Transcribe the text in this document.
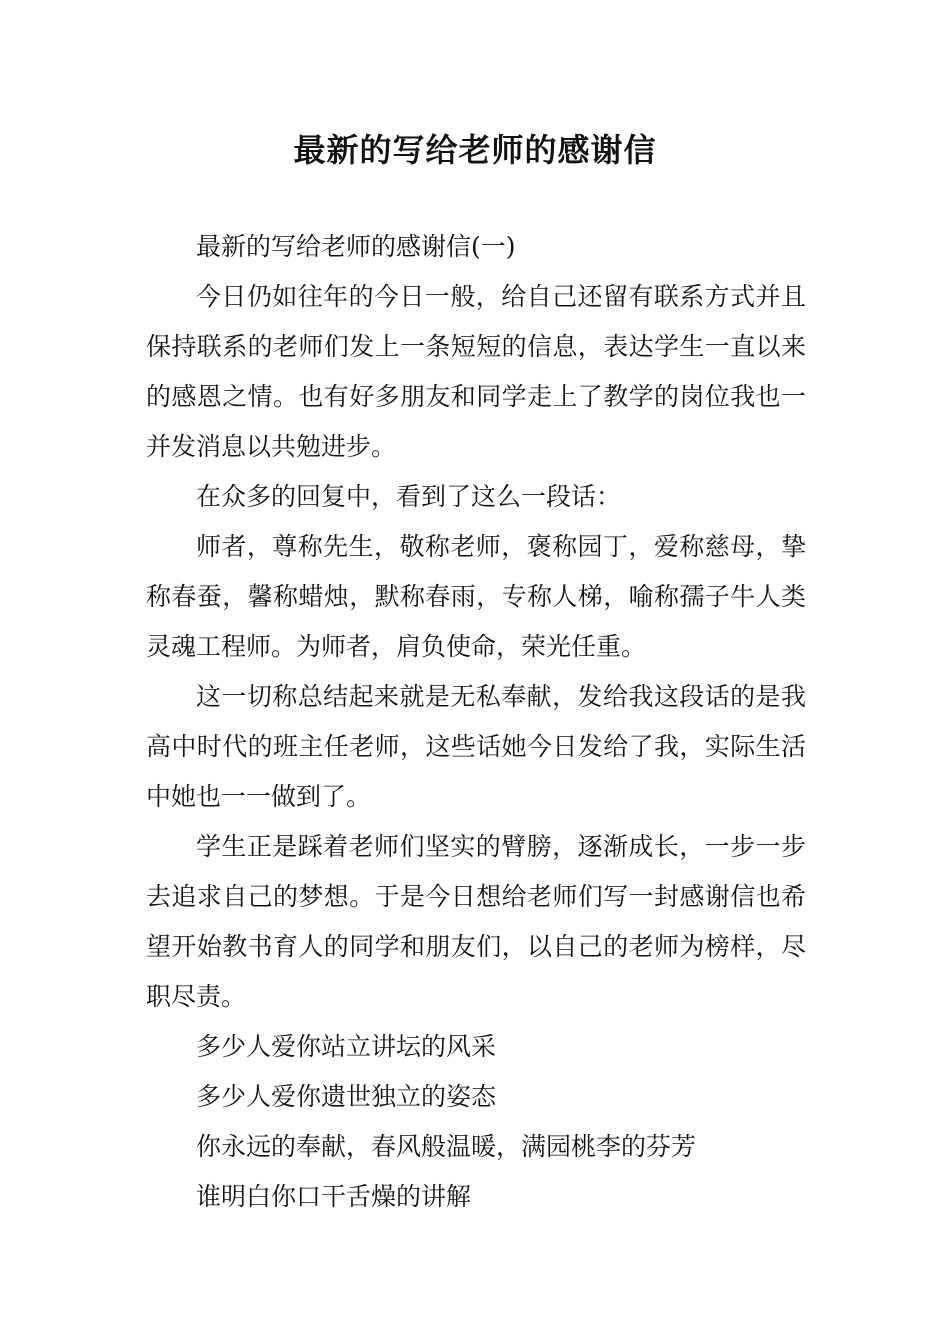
最新的写给老师的感谢信

最新的写给老师的感谢信(一)

今日仍如往年的今日一般，给自己还留有联系方式并且保持联系的老师们发上一条短短的信息，表达学生一直以来的感恩之情。也有好多朋友和同学走上了教学的岗位我也一并发消息以共勉进步。

在众多的回复中，看到了这么一段话：

师者，尊称先生，敬称老师，褒称园丁，爱称慈母，挚称春蚕，馨称蜡烛，默称春雨，专称人梯，喻称孺子牛人类灵魂工程师。为师者，肩负使命，荣光任重。

这一切称总结起来就是无私奉献，发给我这段话的是我高中时代的班主任老师，这些话她今日发给了我，实际生活中她也一一做到了。

学生正是踩着老师们坚实的臂膀，逐渐成长，一步一步去追求自己的梦想。于是今日想给老师们写一封感谢信也希望开始教书育人的同学和朋友们，以自己的老师为榜样，尽职尽责。

多少人爱你站立讲坛的风采

多少人爱你遗世独立的姿态

你永远的奉献，春风般温暖，满园桃李的芬芳

谁明白你口干舌燥的讲解
